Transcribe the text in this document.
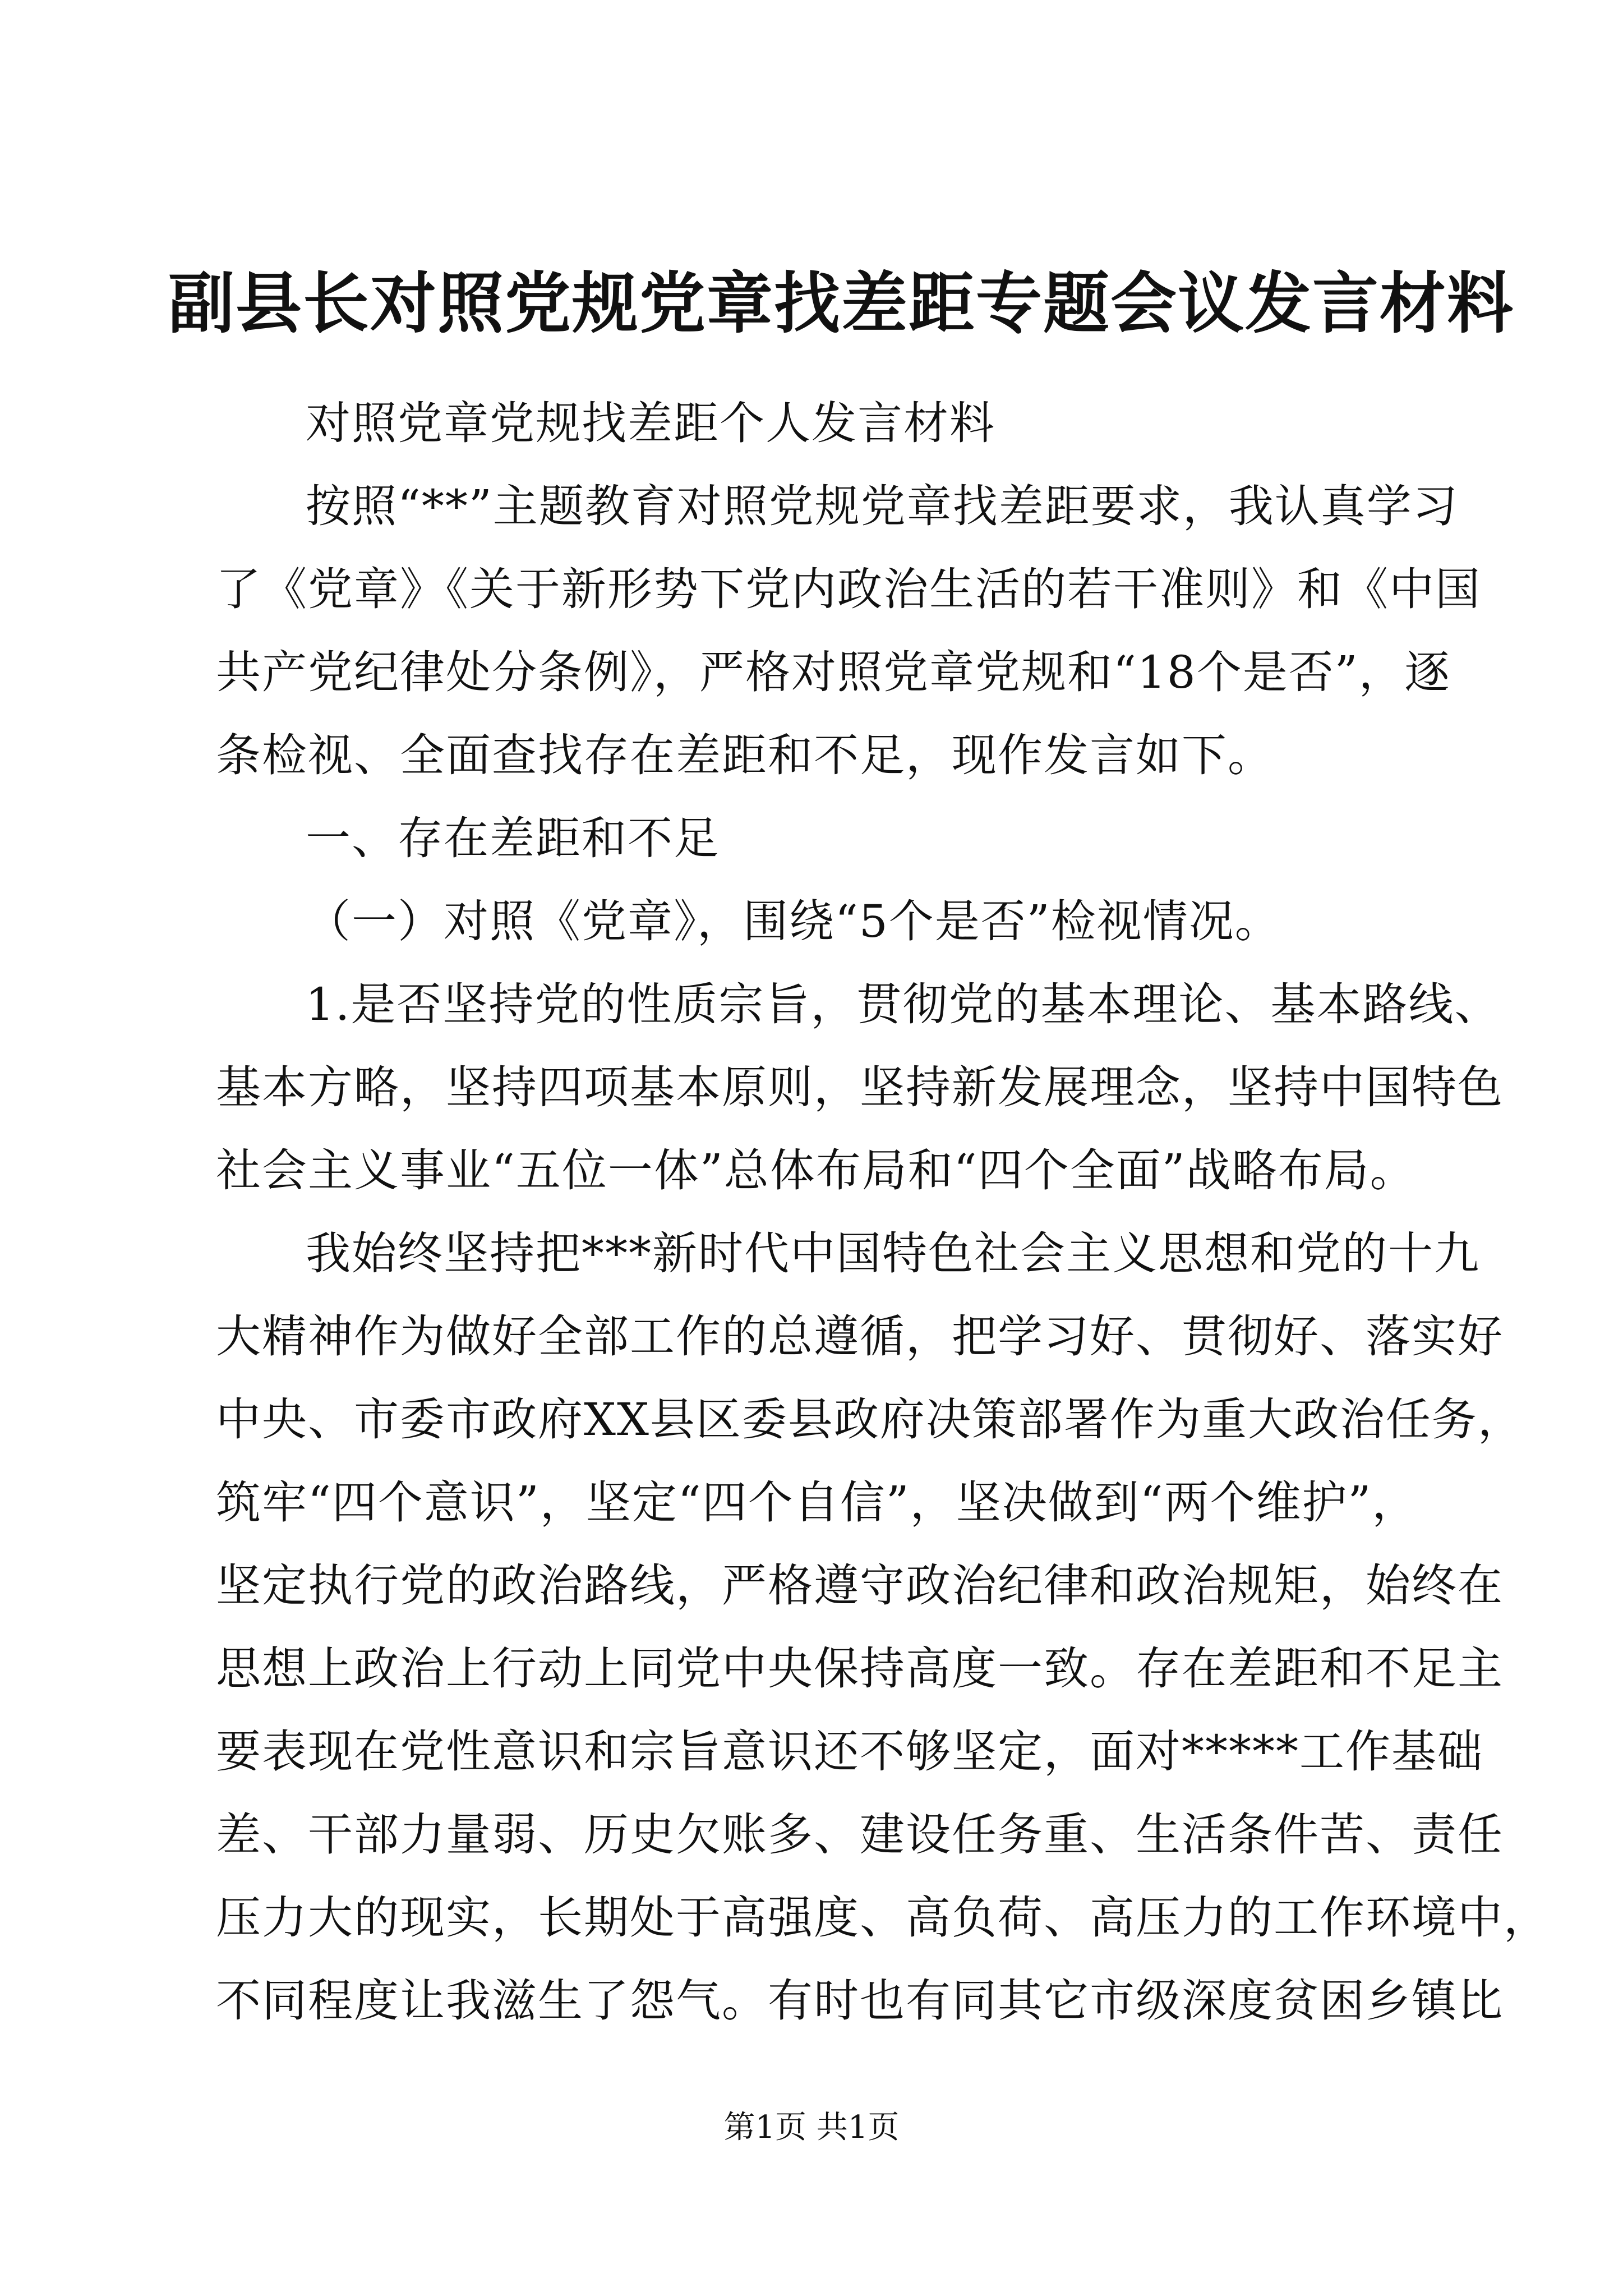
副县长对照党规党章找差距专题会议发言材料
对照党章党规找差距个人发言材料
按照“**”主题教育对照党规党章找差距要求，我认真学习
了《党章》《关于新形势下党内政治生活的若干准则》和《中国
共产党纪律处分条例》，严格对照党章党规和“18个是否”，逐
条检视、全面查找存在差距和不足，现作发言如下。
一、存在差距和不足
（一）对照《党章》，围绕“5个是否”检视情况。
1.是否坚持党的性质宗旨，贯彻党的基本理论、基本路线、
基本方略，坚持四项基本原则，坚持新发展理念，坚持中国特色
社会主义事业“五位一体”总体布局和“四个全面”战略布局。
我始终坚持把***新时代中国特色社会主义思想和党的十九
大精神作为做好全部工作的总遵循，把学习好、贯彻好、落实好
中央、市委市政府XX县区委县政府决策部署作为重大政治任务，
筑牢“四个意识”，坚定“四个自信”，坚决做到“两个维护”，
坚定执行党的政治路线，严格遵守政治纪律和政治规矩，始终在
思想上政治上行动上同党中央保持高度一致。存在差距和不足主
要表现在党性意识和宗旨意识还不够坚定，面对*****工作基础
差、干部力量弱、历史欠账多、建设任务重、生活条件苦、责任
压力大的现实，长期处于高强度、高负荷、高压力的工作环境中，
不同程度让我滋生了怨气。有时也有同其它市级深度贫困乡镇比
第1页 共1页
